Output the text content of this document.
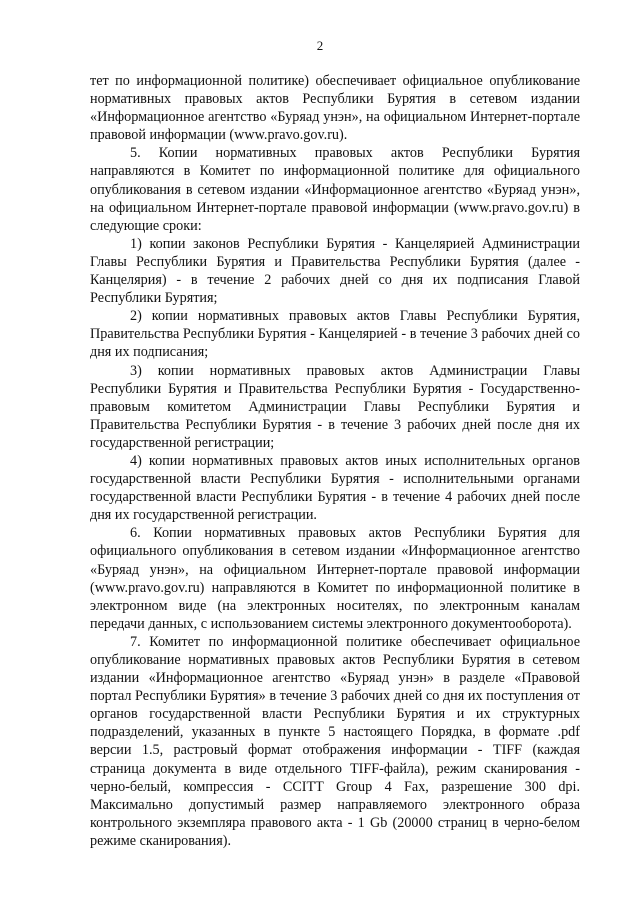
2

тет по информационной политике) обеспечивает официальное опубликование нормативных правовых актов Республики Бурятия в сетевом издании «Информационное агентство «Буряад унэн», на официальном Интернет-портале правовой информации (www.pravo.gov.ru).

5. Копии нормативных правовых актов Республики Бурятия направляются в Комитет по информационной политике для официального опубликования в сетевом издании «Информационное агентство «Буряад унэн», на официальном Интернет-портале правовой информации (www.pravo.gov.ru) в следующие сроки:

1) копии законов Республики Бурятия - Канцелярией Администрации Главы Республики Бурятия и Правительства Республики Бурятия (далее - Канцелярия) - в течение 2 рабочих дней со дня их подписания Главой Республики Бурятия;

2) копии нормативных правовых актов Главы Республики Бурятия, Правительства Республики Бурятия - Канцелярией - в течение 3 рабочих дней со дня их подписания;

3) копии нормативных правовых актов Администрации Главы Республики Бурятия и Правительства Республики Бурятия - Государственно-правовым комитетом Администрации Главы Республики Бурятия и Правительства Республики Бурятия - в течение 3 рабочих дней после дня их государственной регистрации;

4) копии нормативных правовых актов иных исполнительных органов государственной власти Республики Бурятия - исполнительными органами государственной власти Республики Бурятия - в течение 4 рабочих дней после дня их государственной регистрации.

6. Копии нормативных правовых актов Республики Бурятия для официального опубликования в сетевом издании «Информационное агентство «Буряад унэн», на официальном Интернет-портале правовой информации (www.pravo.gov.ru) направляются в Комитет по информационной политике в электронном виде (на электронных носителях, по электронным каналам передачи данных, с использованием системы электронного документооборота).

7. Комитет по информационной политике обеспечивает официальное опубликование нормативных правовых актов Республики Бурятия в сетевом издании «Информационное агентство «Буряад унэн» в разделе «Правовой портал Республики Бурятия» в течение 3 рабочих дней со дня их поступления от органов государственной власти Республики Бурятия и их структурных подразделений, указанных в пункте 5 настоящего Порядка, в формате .pdf версии 1.5, растровый формат отображения информации - TIFF (каждая страница документа в виде отдельного TIFF-файла), режим сканирования - черно-белый, компрессия - CCITT Group 4 Fax, разрешение 300 dpi. Максимально допустимый размер направляемого электронного образа контрольного экземпляра правового акта - 1 Gb (20000 страниц в черно-белом режиме сканирования).
